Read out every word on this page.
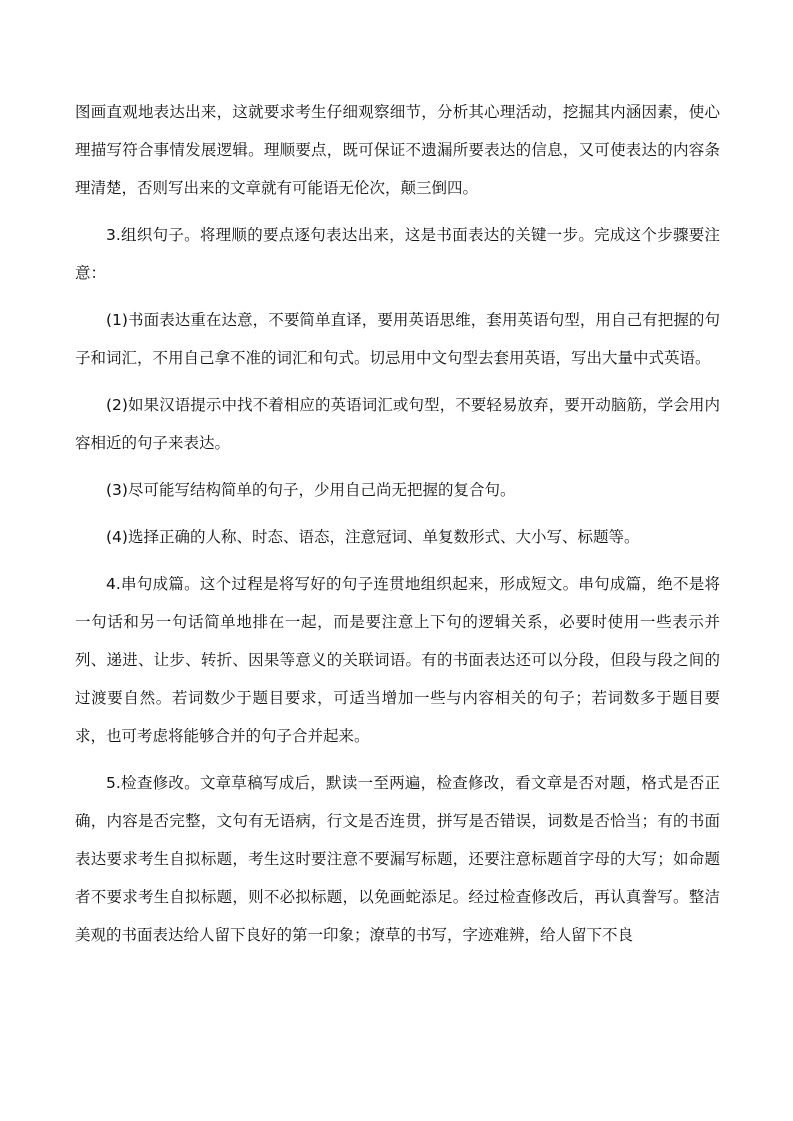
图画直观地表达出来，这就要求考生仔细观察细节，分析其心理活动，挖掘其内涵因素，使心理描写符合事情发展逻辑。理顺要点，既可保证不遗漏所要表达的信息，又可使表达的内容条理清楚，否则写出来的文章就有可能语无伦次，颠三倒四。

3.组织句子。将理顺的要点逐句表达出来，这是书面表达的关键一步。完成这个步骤要注意：

(1)书面表达重在达意，不要简单直译，要用英语思维，套用英语句型，用自己有把握的句子和词汇，不用自己拿不准的词汇和句式。切忌用中文句型去套用英语，写出大量中式英语。

(2)如果汉语提示中找不着相应的英语词汇或句型，不要轻易放弃，要开动脑筋，学会用内容相近的句子来表达。

(3)尽可能写结构简单的句子，少用自己尚无把握的复合句。

(4)选择正确的人称、时态、语态，注意冠词、单复数形式、大小写、标题等。

4.串句成篇。这个过程是将写好的句子连贯地组织起来，形成短文。串句成篇，绝不是将一句话和另一句话简单地排在一起，而是要注意上下句的逻辑关系，必要时使用一些表示并列、递进、让步、转折、因果等意义的关联词语。有的书面表达还可以分段，但段与段之间的过渡要自然。若词数少于题目要求，可适当增加一些与内容相关的句子；若词数多于题目要求，也可考虑将能够合并的句子合并起来。

5.检查修改。文章草稿写成后，默读一至两遍，检查修改，看文章是否对题，格式是否正确，内容是否完整，文句有无语病，行文是否连贯，拼写是否错误，词数是否恰当；有的书面表达要求考生自拟标题，考生这时要注意不要漏写标题，还要注意标题首字母的大写；如命题者不要求考生自拟标题，则不必拟标题，以免画蛇添足。经过检查修改后，再认真誊写。整洁美观的书面表达给人留下良好的第一印象；潦草的书写，字迹难辨，给人留下不良
